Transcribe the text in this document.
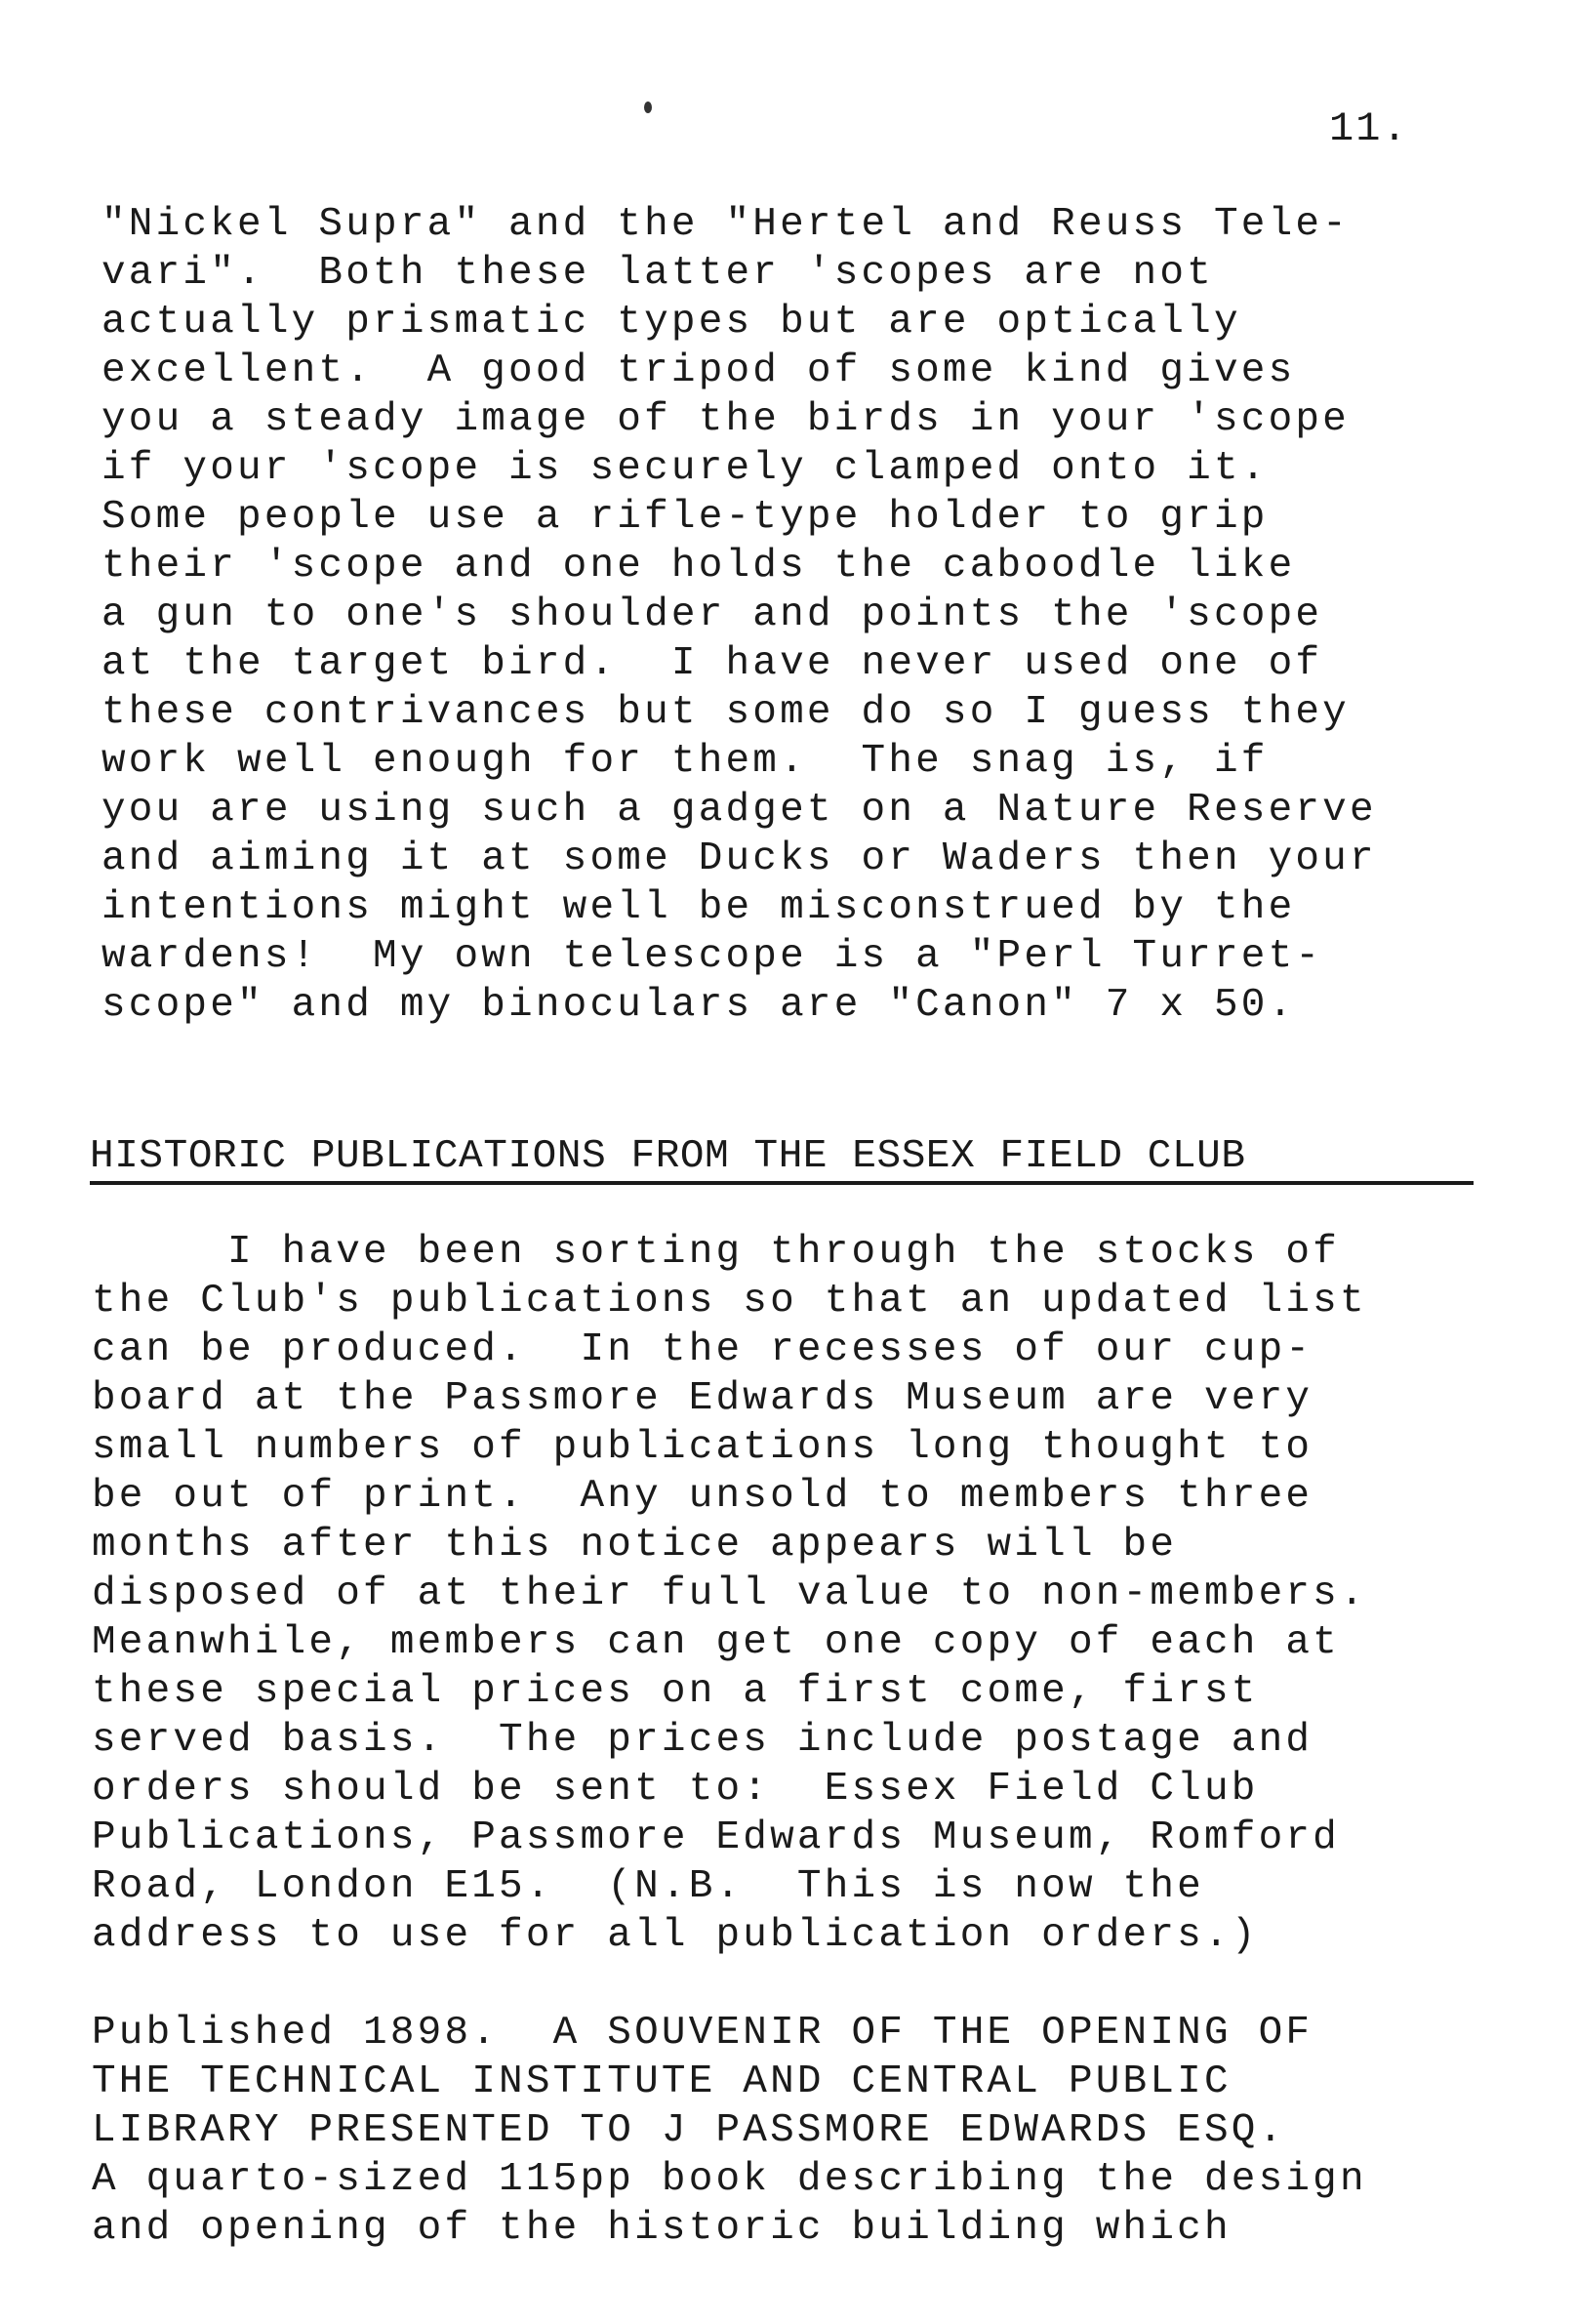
11.
"Nickel Supra" and the "Hertel and Reuss Tele-
vari".  Both these latter 'scopes are not
actually prismatic types but are optically
excellent.  A good tripod of some kind gives
you a steady image of the birds in your 'scope
if your 'scope is securely clamped onto it.
Some people use a rifle-type holder to grip
their 'scope and one holds the caboodle like
a gun to one's shoulder and points the 'scope
at the target bird.  I have never used one of
these contrivances but some do so I guess they
work well enough for them.  The snag is, if
you are using such a gadget on a Nature Reserve
and aiming it at some Ducks or Waders then your
intentions might well be misconstrued by the
wardens!  My own telescope is a "Perl Turret-
scope" and my binoculars are "Canon" 7 x 50.
HISTORIC PUBLICATIONS FROM THE ESSEX FIELD CLUB
I have been sorting through the stocks of
the Club's publications so that an updated list
can be produced.  In the recesses of our cup-
board at the Passmore Edwards Museum are very
small numbers of publications long thought to
be out of print.  Any unsold to members three
months after this notice appears will be
disposed of at their full value to non-members.
Meanwhile, members can get one copy of each at
these special prices on a first come, first
served basis.  The prices include postage and
orders should be sent to:  Essex Field Club
Publications, Passmore Edwards Museum, Romford
Road, London E15.  (N.B.  This is now the
address to use for all publication orders.)
Published 1898.  A SOUVENIR OF THE OPENING OF
THE TECHNICAL INSTITUTE AND CENTRAL PUBLIC
LIBRARY PRESENTED TO J PASSMORE EDWARDS ESQ.
A quarto-sized 115pp book describing the design
and opening of the historic building which
